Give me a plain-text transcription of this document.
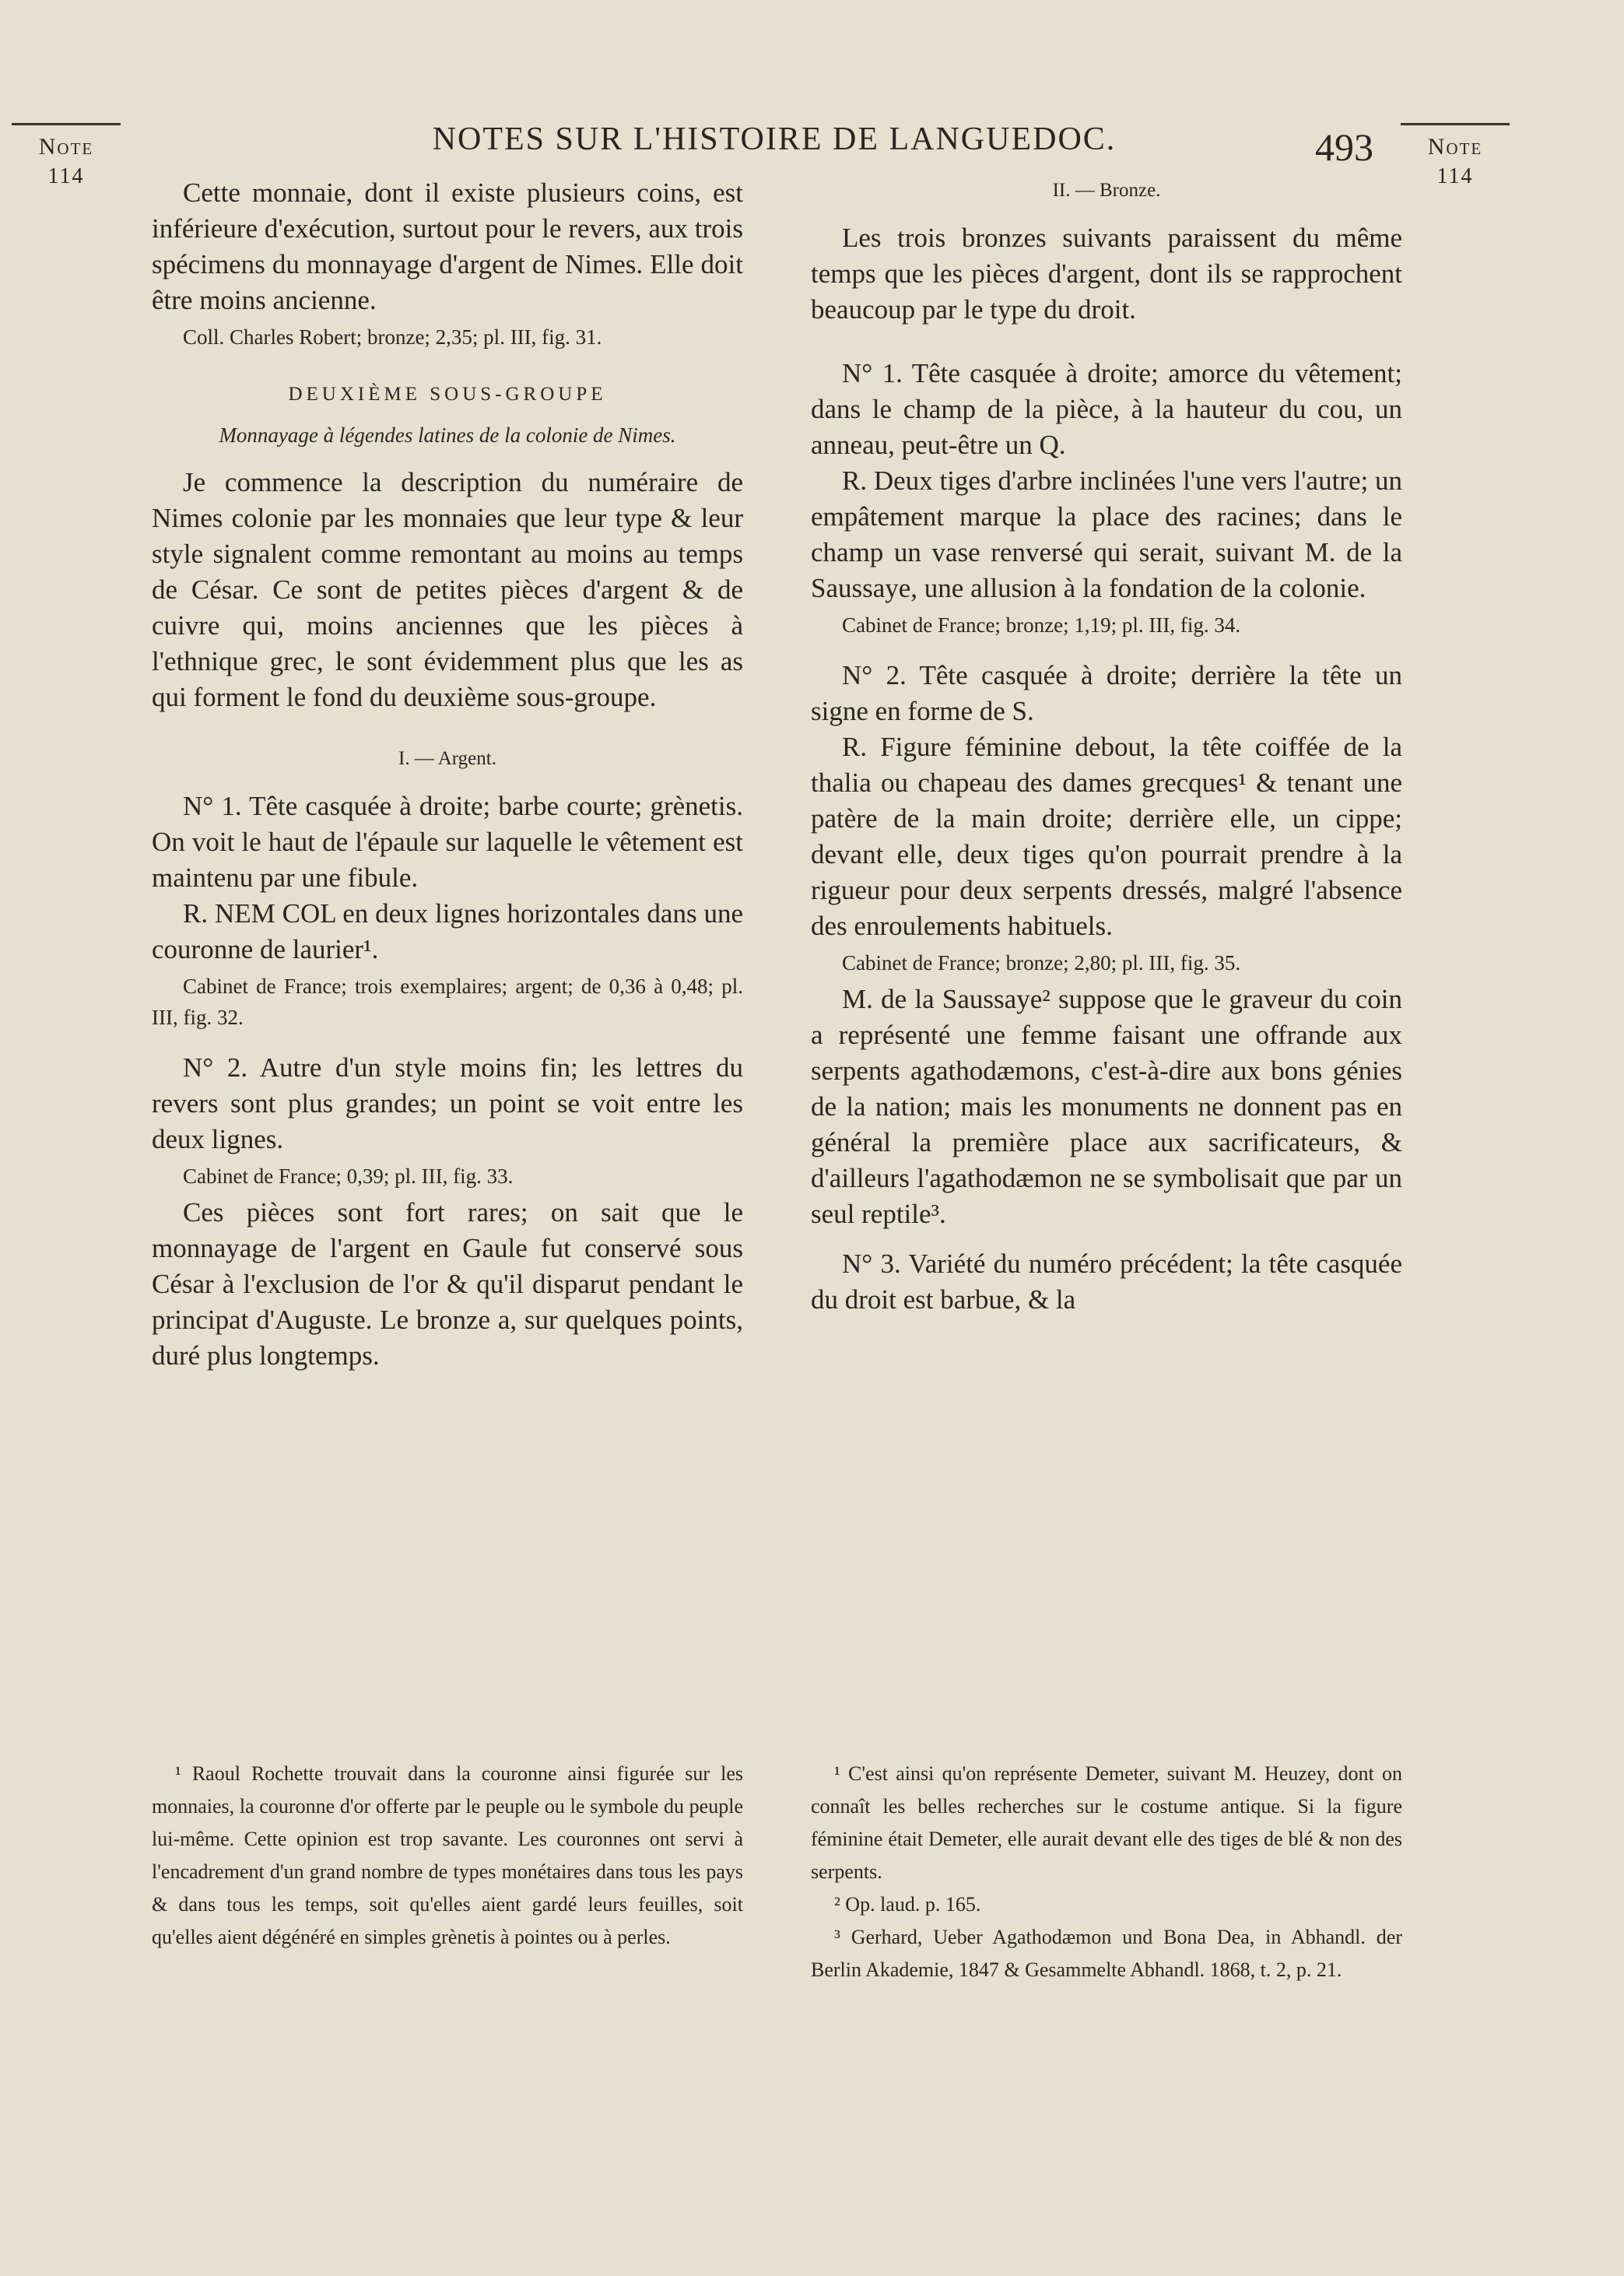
Note
114
NOTES SUR L'HISTOIRE DE LANGUEDOC.	493	Note
114

Cette monnaie, dont il existe plusieurs coins, est inférieure d'exécution, surtout pour le revers, aux trois spécimens du monnayage d'argent de Nimes. Elle doit être moins ancienne.

Coll. Charles Robert; bronze; 2,35; pl. III, fig. 31.
DEUXIÈME SOUS-GROUPE
Monnayage à légendes latines de la colonie de Nimes.

Je commence la description du numéraire de Nimes colonie par les monnaies que leur type & leur style signalent comme remontant au moins au temps de César. Ce sont de petites pièces d'argent & de cuivre qui, moins anciennes que les pièces à l'ethnique grec, le sont évidemment plus que les as qui forment le fond du deuxième sous-groupe.

I. — Argent.

N° 1. Tête casquée à droite; barbe courte; grènetis. On voit le haut de l'épaule sur laquelle le vêtement est maintenu par une fibule.

R. NEM COL en deux lignes horizontales dans une couronne de laurier¹.

Cabinet de France; trois exemplaires; argent; de 0,36 à 0,48; pl. III, fig. 32.

N° 2. Autre d'un style moins fin; les lettres du revers sont plus grandes; un point se voit entre les deux lignes.

Cabinet de France; 0,39; pl. III, fig. 33.

Ces pièces sont fort rares; on sait que le monnayage de l'argent en Gaule fut conservé sous César à l'exclusion de l'or & qu'il disparut pendant le principat d'Auguste. Le bronze a, sur quelques points, duré plus longtemps.

II. — Bronze.

Les trois bronzes suivants paraissent du même temps que les pièces d'argent, dont ils se rapprochent beaucoup par le type du droit.

N° 1. Tête casquée à droite; amorce du vêtement; dans le champ de la pièce, à la hauteur du cou, un anneau, peut-être un Q.

R. Deux tiges d'arbre inclinées l'une vers l'autre; un empâtement marque la place des racines; dans le champ un vase renversé qui serait, suivant M. de la Saussaye, une allusion à la fondation de la colonie.

Cabinet de France; bronze; 1,19; pl. III, fig. 34.

N° 2. Tête casquée à droite; derrière la tête un signe en forme de S.

R. Figure féminine debout, la tête coiffée de la thalia ou chapeau des dames grecques¹ & tenant une patère de la main droite; derrière elle, un cippe; devant elle, deux tiges qu'on pourrait prendre à la rigueur pour deux serpents dressés, malgré l'absence des enroulements habituels.

Cabinet de France; bronze; 2,80; pl. III, fig. 35.

M. de la Saussaye² suppose que le graveur du coin a représenté une femme faisant une offrande aux serpents agathodæmons, c'est-à-dire aux bons génies de la nation; mais les monuments ne donnent pas en général la première place aux sacrificateurs, & d'ailleurs l'agathodæmon ne se symbolisait que par un seul reptile³.

N° 3. Variété du numéro précédent; la tête casquée du droit est barbue, & la

¹ Raoul Rochette trouvait dans la couronne ainsi figurée sur les monnaies, la couronne d'or offerte par le peuple ou le symbole du peuple lui-même. Cette opinion est trop savante. Les couronnes ont servi à l'encadrement d'un grand nombre de types monétaires dans tous les pays & dans tous les temps, soit qu'elles aient gardé leurs feuilles, soit qu'elles aient dégénéré en simples grènetis à pointes ou à perles.

¹ C'est ainsi qu'on représente Demeter, suivant M. Heuzey, dont on connaît les belles recherches sur le costume antique. Si la figure féminine était Demeter, elle aurait devant elle des tiges de blé & non des serpents.

² Op. laud. p. 165.

³ Gerhard, Ueber Agathodæmon und Bona Dea, in Abhandl. der Berlin Akademie, 1847 & Gesammelte Abhandl. 1868, t. 2, p. 21.
